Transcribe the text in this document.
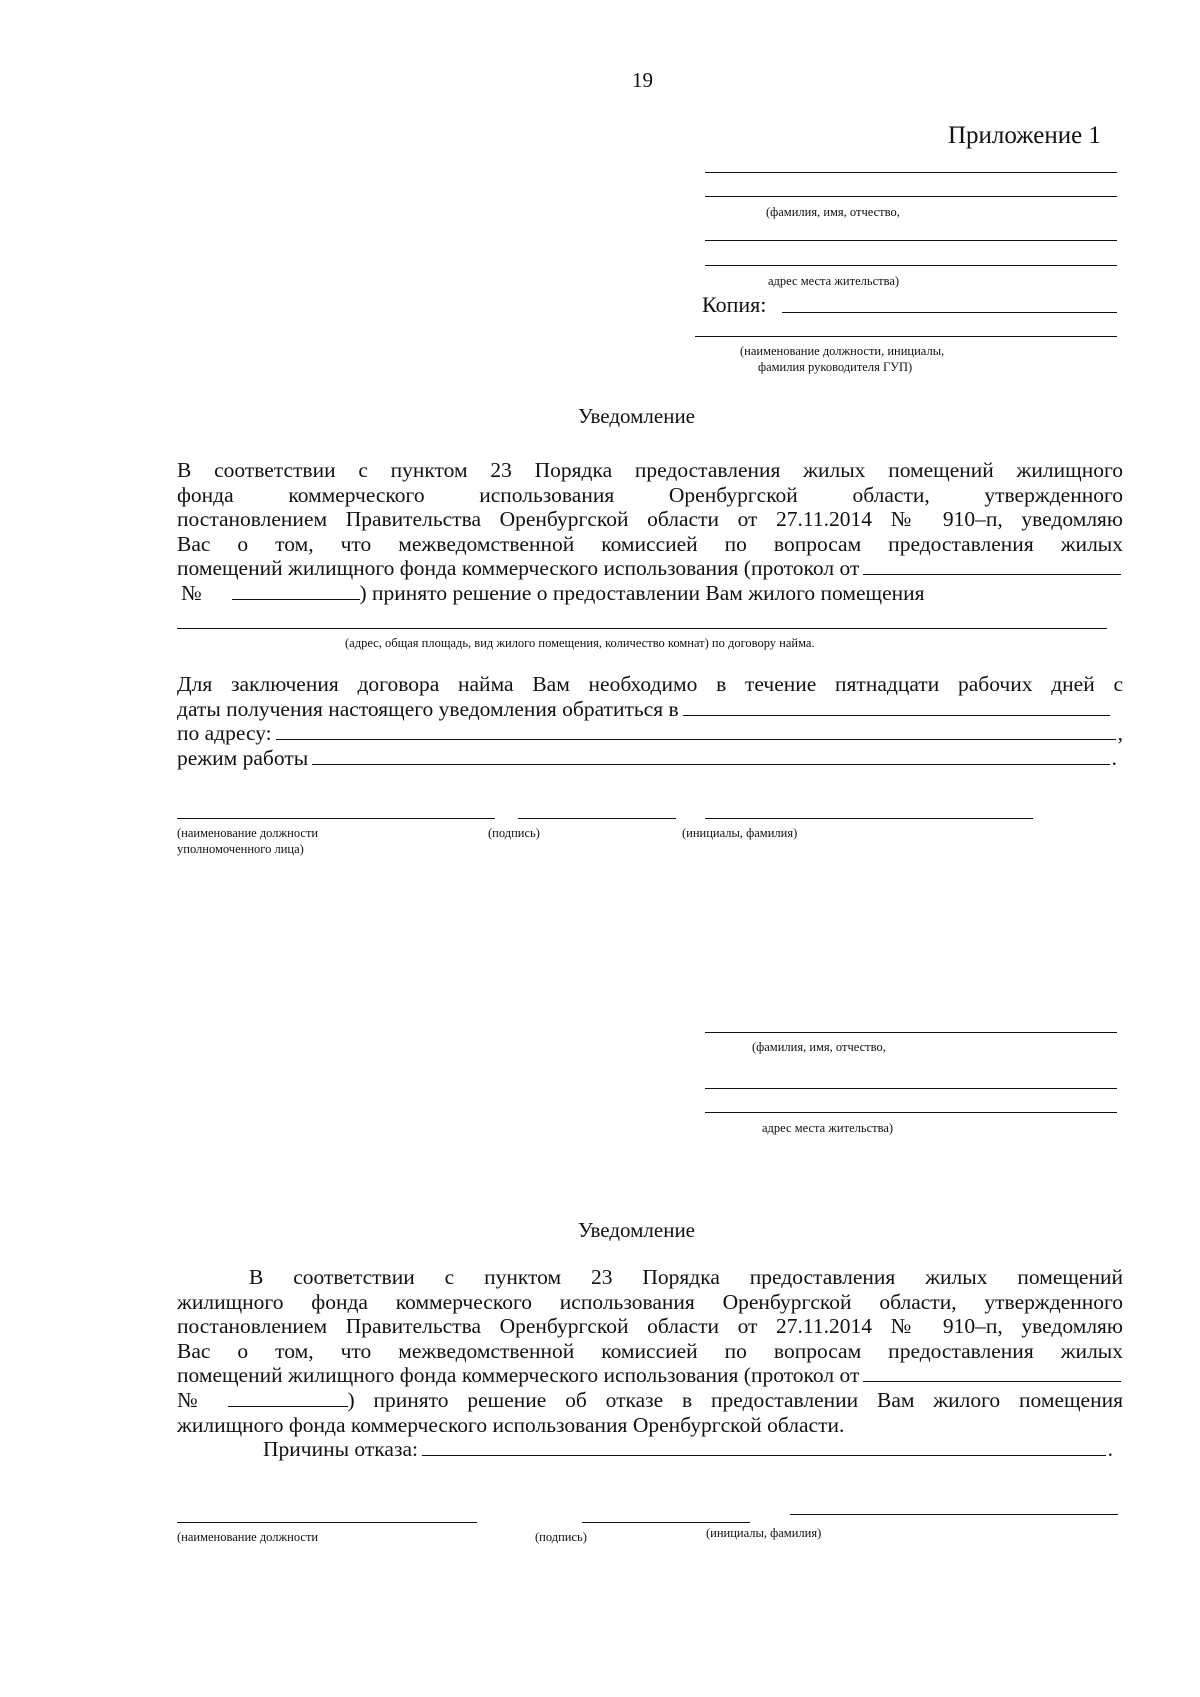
19
Приложение 1
(фамилия, имя, отчество,
адрес места жительства)
Копия:
(наименование должности, инициалы,
фамилия руководителя ГУП)
Уведомление
В соответствии с пунктом 23 Порядка предоставления жилых помещений жилищного
фонда коммерческого использования Оренбургской области, утвержденного
постановлением Правительства Оренбургской области от 27.11.2014 № 910–п, уведомляю
Вас о том, что межведомственной комиссией по вопросам предоставления жилых
помещений жилищного фонда коммерческого использования (протокол от
№	) принято решение о предоставлении Вам жилого помещения
(адрес, общая площадь, вид жилого помещения, количество комнат) по договору найма.
Для заключения договора найма Вам необходимо в течение пятнадцати рабочих дней с
даты получения настоящего уведомления обратиться в
по адресу:	,
режим работы	.
(наименование должности
уполномоченного лица)
(подпись)	(инициалы, фамилия)
(фамилия, имя, отчество,
адрес места жительства)
Уведомление
В соответствии с пунктом 23 Порядка предоставления жилых помещений
жилищного фонда коммерческого использования Оренбургской области, утвержденного
постановлением Правительства Оренбургской области от 27.11.2014 № 910–п, уведомляю
Вас о том, что межведомственной комиссией по вопросам предоставления жилых
помещений жилищного фонда коммерческого использования (протокол от
№	) принято решение об отказе в предоставлении Вам жилого помещения
жилищного фонда коммерческого использования Оренбургской области.
Причины отказа:	.
(наименование должности	(подпись)	(инициалы, фамилия)
